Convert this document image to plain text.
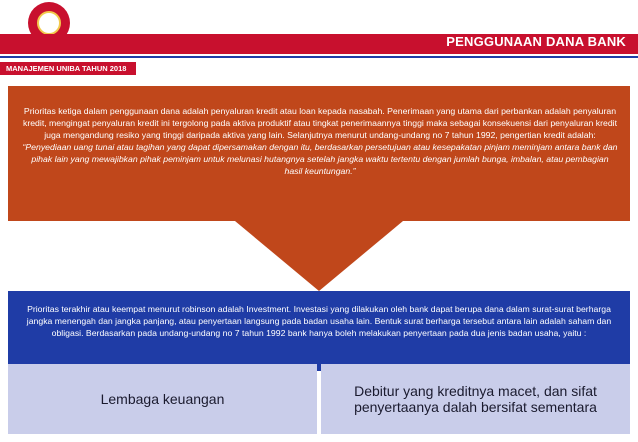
PENGGUNAAN DANA BANK
MANAJEMEN UNIBA TAHUN 2018
Prioritas ketiga dalam penggunaan dana adalah penyaluran kredit atau loan kepada nasabah. Penerimaan yang utama dari perbankan adalah penyaluran kredit, mengingat penyaluran kredit ini tergolong pada aktiva produktif atau tingkat penerimaannya tinggi maka sebagai konsekuensi dari penyaluran kredit juga mengandung resiko yang tinggi daripada aktiva yang lain. Selanjutnya menurut undang-undang no 7 tahun 1992, pengertian kredit adalah:
“Penyediaan uang tunai atau tagihan yang dapat dipersamakan dengan itu, berdasarkan persetujuan atau kesepakatan pinjam meminjam antara bank dan pihak lain yang mewajibkan pihak peminjam untuk melunasi hutangnya setelah jangka waktu tertentu dengan jumlah bunga, imbalan, atau pembagian hasil keuntungan.”
Prioritas terakhir atau keempat menurut robinson adalah Investment. Investasi yang dilakukan oleh bank dapat berupa dana dalam surat-surat berharga jangka menengah dan jangka panjang, atau penyertaan langsung pada badan usaha lain. Bentuk surat berharga tersebut antara lain adalah saham dan obligasi. Berdasarkan pada undang-undang no 7 tahun 1992 bank hanya boleh melakukan penyertaan pada dua jenis badan usaha, yaitu :
Lembaga keuangan	Debitur yang kreditnya macet, dan sifat penyertaanya dalah bersifat sementara
